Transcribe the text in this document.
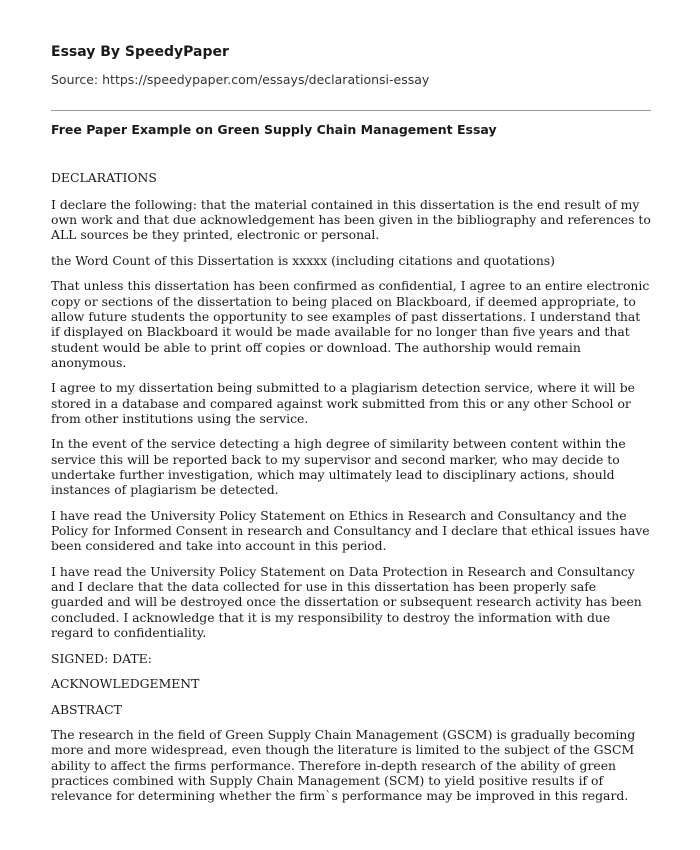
Essay By SpeedyPaper
Source: https://speedypaper.com/essays/declarationsi-essay
Free Paper Example on Green Supply Chain Management Essay

DECLARATIONS

I declare the following: that the material contained in this dissertation is the end result of my own work and that due acknowledgement has been given in the bibliography and references to ALL sources be they printed, electronic or personal.

the Word Count of this Dissertation is xxxxx (including citations and quotations)

That unless this dissertation has been confirmed as confidential, I agree to an entire electronic copy or sections of the dissertation to being placed on Blackboard, if deemed appropriate, to allow future students the opportunity to see examples of past dissertations. I understand that if displayed on Blackboard it would be made available for no longer than five years and that student would be able to print off copies or download. The authorship would remain anonymous.

I agree to my dissertation being submitted to a plagiarism detection service, where it will be stored in a database and compared against work submitted from this or any other School or from other institutions using the service.

In the event of the service detecting a high degree of similarity between content within the service this will be reported back to my supervisor and second marker, who may decide to undertake further investigation, which may ultimately lead to disciplinary actions, should instances of plagiarism be detected.

I have read the University Policy Statement on Ethics in Research and Consultancy and the Policy for Informed Consent in research and Consultancy and I declare that ethical issues have been considered and take into account in this period.

I have read the University Policy Statement on Data Protection in Research and Consultancy and I declare that the data collected for use in this dissertation has been properly safe guarded and will be destroyed once the dissertation or subsequent research activity has been concluded. I acknowledge that it is my responsibility to destroy the information with due regard to confidentiality.

SIGNED: DATE:

ACKNOWLEDGEMENT

ABSTRACT

The research in the field of Green Supply Chain Management (GSCM) is gradually becoming more and more widespread, even though the literature is limited to the subject of the GSCM ability to affect the firms performance. Therefore in-depth research of the ability of green practices combined with Supply Chain Management (SCM) to yield positive results if of relevance for determining whether the firm`s performance may be improved in this regard.
